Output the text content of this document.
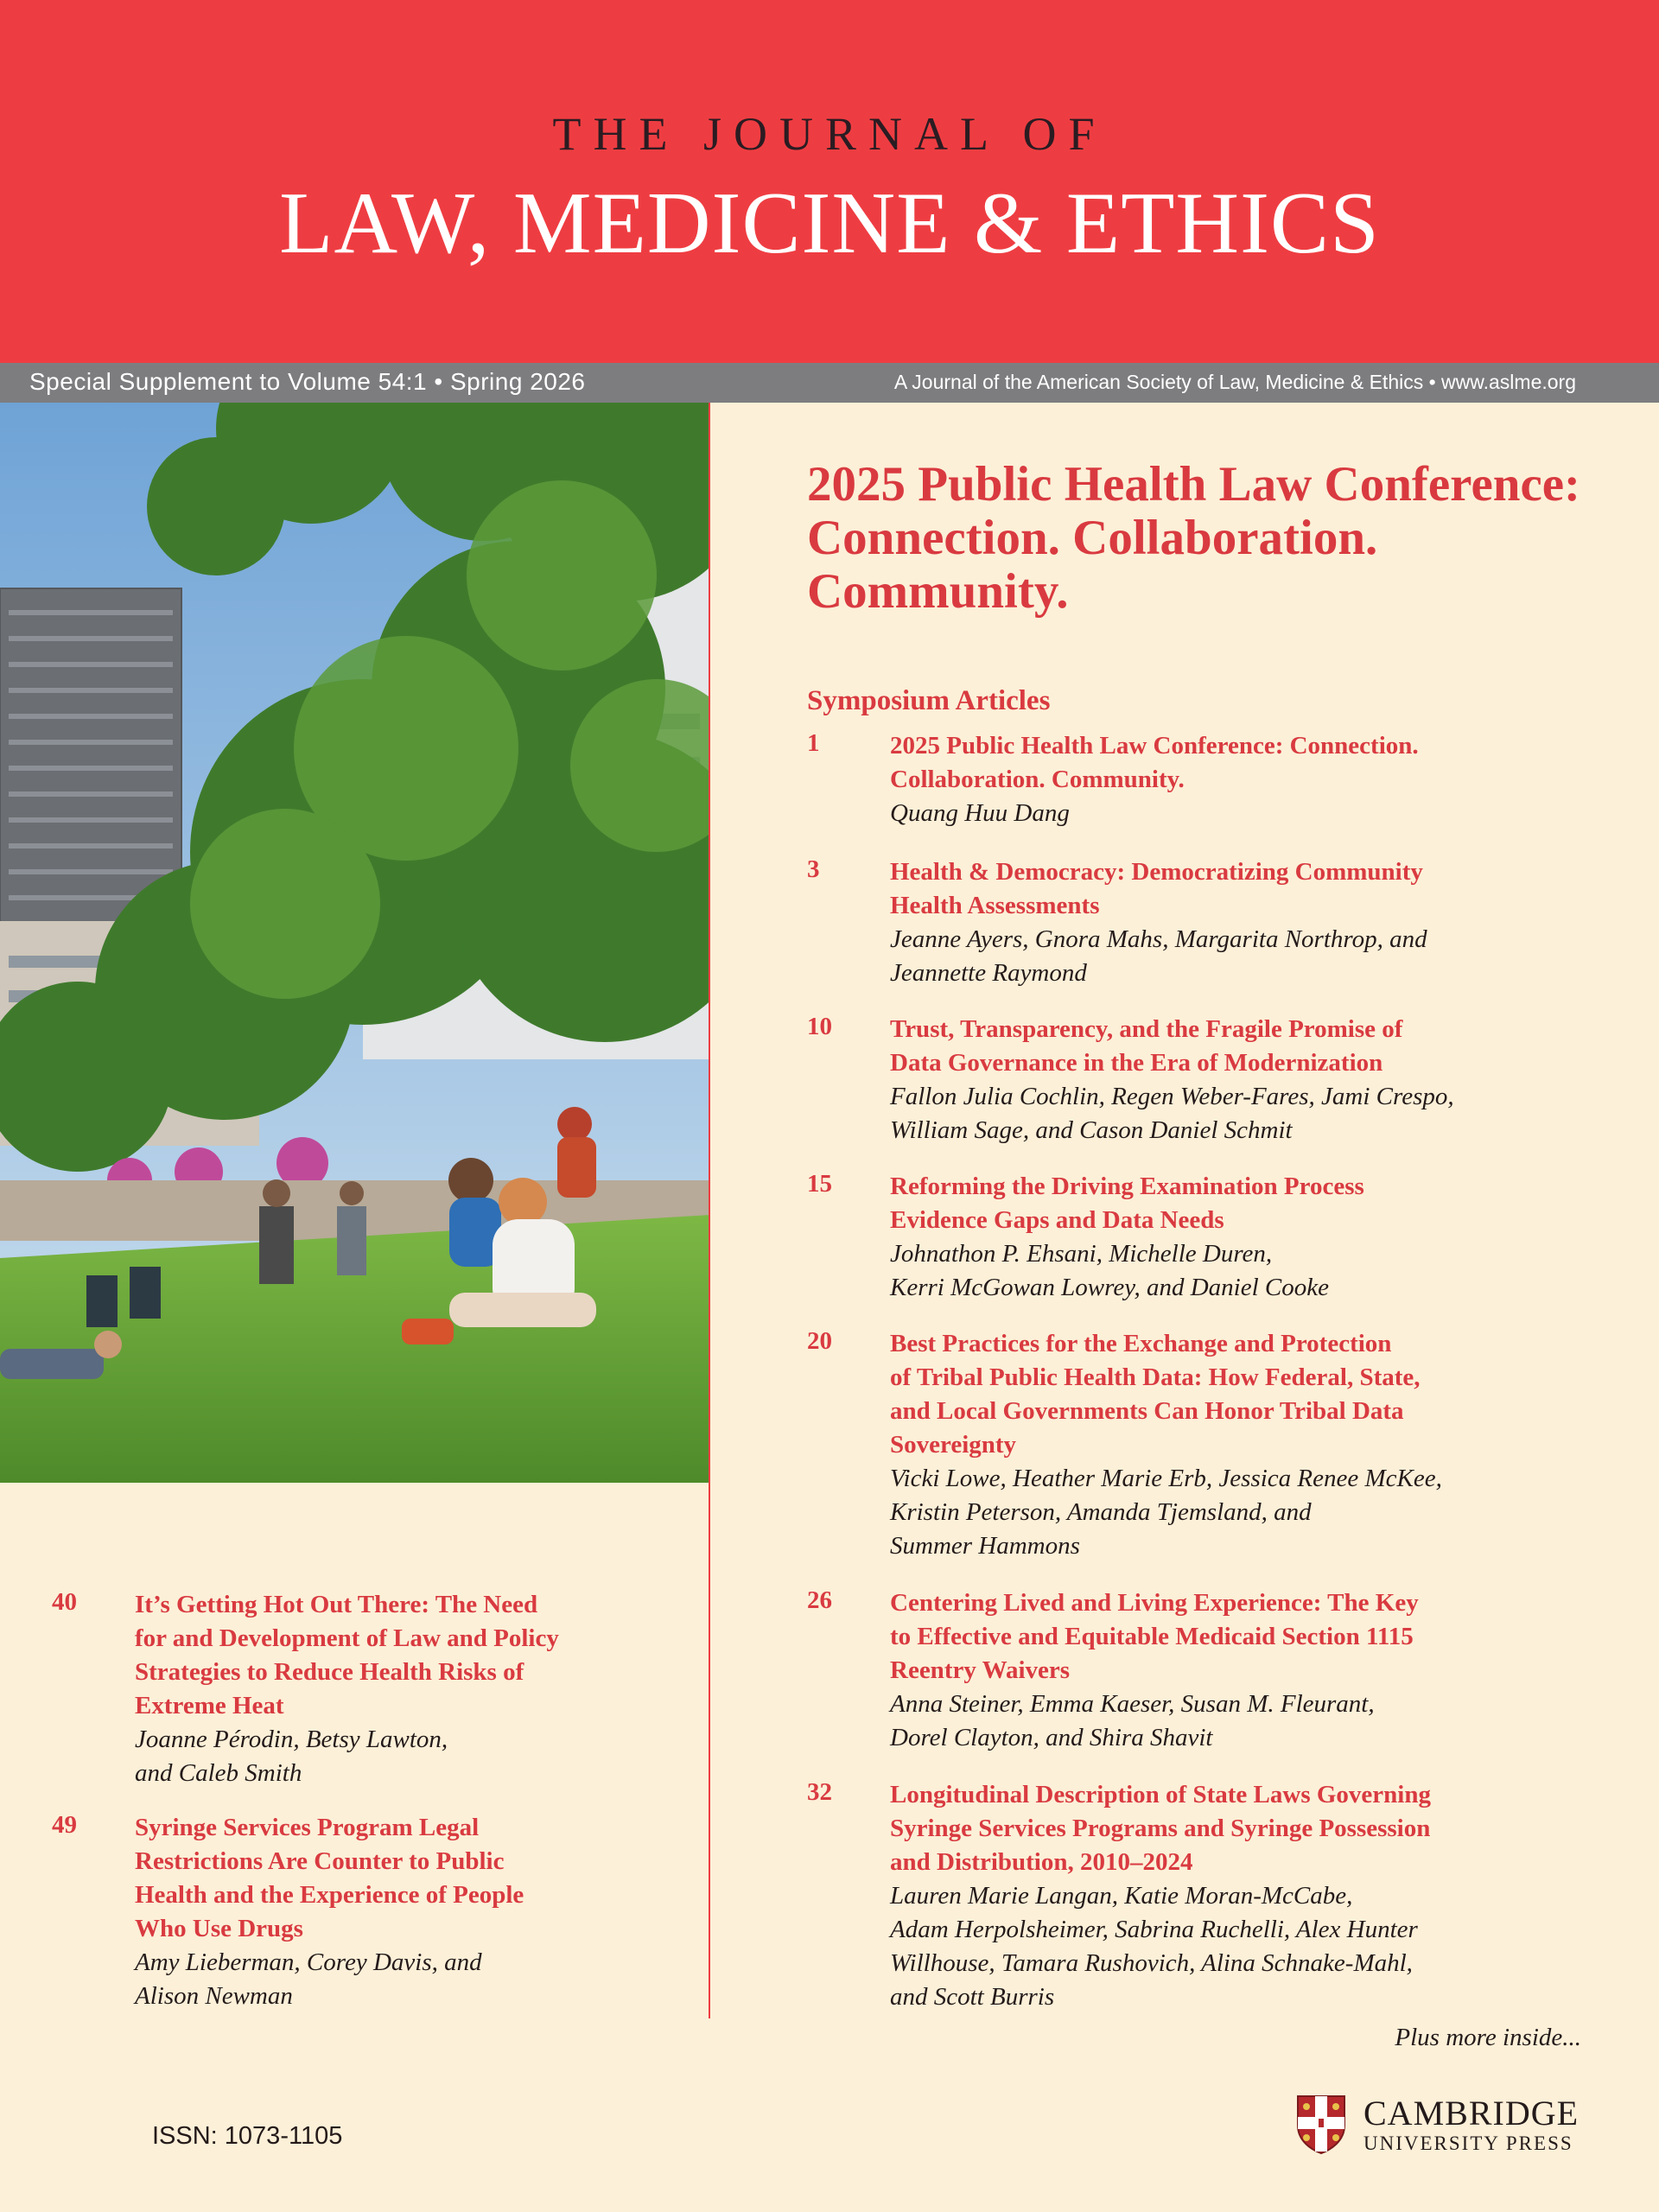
THE JOURNAL OF
LAW, MEDICINE & ETHICS
Special Supplement to Volume 54:1 • Spring 2026	A Journal of the American Society of Law, Medicine & Ethics • www.aslme.org
2025 Public Health Law Conference: Connection. Collaboration. Community.
Symposium Articles
1	2025 Public Health Law Conference: Connection.
Collaboration. Community.
Quang Huu Dang
3	Health & Democracy: Democratizing Community
Health Assessments
Jeanne Ayers, Gnora Mahs, Margarita Northrop, and
Jeannette Raymond
10 Trust, Transparency, and the Fragile Promise of
Data Governance in the Era of Modernization
Fallon Julia Cochlin, Regen Weber-Fares, Jami Crespo,
William Sage, and Cason Daniel Schmit
15 Reforming the Driving Examination Process
Evidence Gaps and Data Needs
Johnathon P. Ehsani, Michelle Duren,
Kerri McGowan Lowrey, and Daniel Cooke
20 Best Practices for the Exchange and Protection
of Tribal Public Health Data: How Federal, State,
and Local Governments Can Honor Tribal Data
Sovereignty
Vicki Lowe, Heather Marie Erb, Jessica Renee McKee,
Kristin Peterson, Amanda Tjemsland, and
Summer Hammons
26 Centering Lived and Living Experience: The Key
to Effective and Equitable Medicaid Section 1115
Reentry Waivers
Anna Steiner, Emma Kaeser, Susan M. Fleurant,
Dorel Clayton, and Shira Shavit
32 Longitudinal Description of State Laws Governing
Syringe Services Programs and Syringe Possession
and Distribution, 2010–2024
Lauren Marie Langan, Katie Moran-McCabe,
Adam Herpolsheimer, Sabrina Ruchelli, Alex Hunter
Willhouse, Tamara Rushovich, Alina Schnake-Mahl,
and Scott Burris
40 It’s Getting Hot Out There: The Need
for and Development of Law and Policy
Strategies to Reduce Health Risks of
Extreme Heat
Joanne Pérodin, Betsy Lawton,
and Caleb Smith
49 Syringe Services Program Legal
Restrictions Are Counter to Public
Health and the Experience of People
Who Use Drugs
Amy Lieberman, Corey Davis, and
Alison Newman
Plus more inside...
ISSN: 1073-1105
CAMBRIDGE
UNIVERSITY PRESS
